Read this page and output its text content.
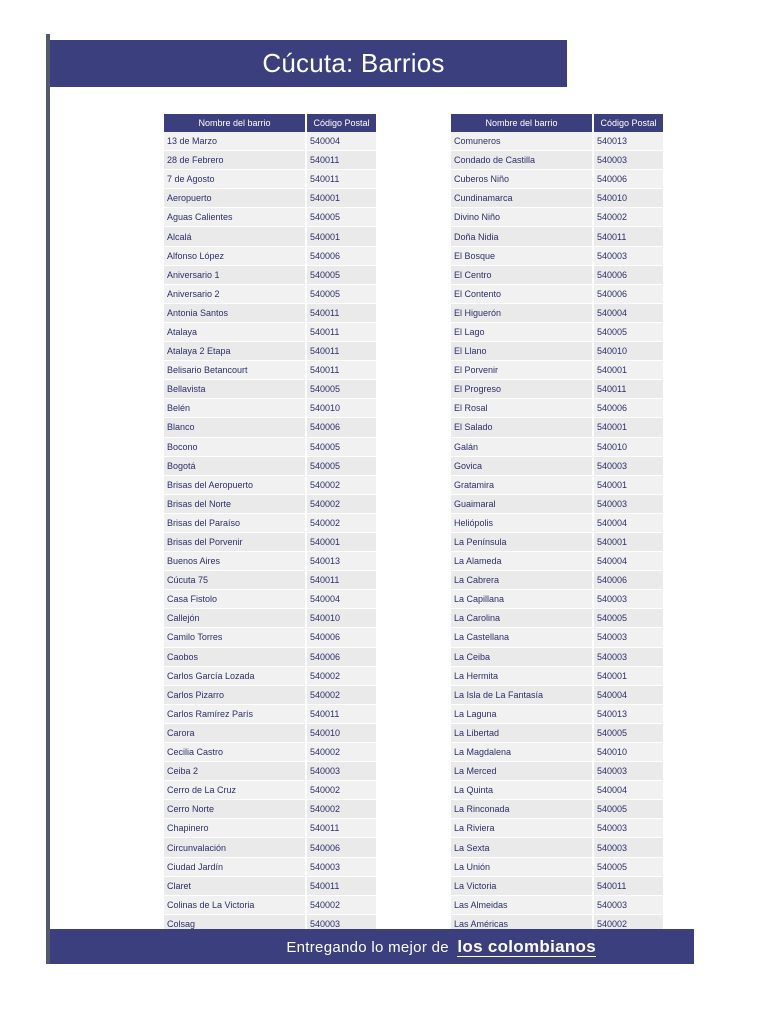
Cúcuta: Barrios
Nombre del barrio	Código Postal
13 de Marzo	540004
28 de Febrero	540011
7 de Agosto	540011
Aeropuerto	540001
Aguas Calientes	540005
Alcalá	540001
Alfonso López	540006
Aniversario 1	540005
Aniversario 2	540005
Antonia Santos	540011
Atalaya	540011
Atalaya 2 Etapa	540011
Belisario Betancourt	540011
Bellavista	540005
Belén	540010
Blanco	540006
Bocono	540005
Bogotá	540005
Brisas del Aeropuerto	540002
Brisas del Norte	540002
Brisas del Paraíso	540002
Brisas del Porvenir	540001
Buenos Aires	540013
Cúcuta 75	540011
Casa Fistolo	540004
Callejón	540010
Camilo Torres	540006
Caobos	540006
Carlos García Lozada	540002
Carlos Pizarro	540002
Carlos Ramírez París	540011
Carora	540010
Cecilia Castro	540002
Ceiba 2	540003
Cerro de La Cruz	540002
Cerro Norte	540002
Chapinero	540011
Circunvalación	540006
Ciudad Jardín	540003
Claret	540011
Colinas de La Victoria	540002
Colsag	540003
Nombre del barrio	Código Postal
Comuneros	540013
Condado de Castilla	540003
Cuberos Niño	540006
Cundinamarca	540010
Divino Niño	540002
Doña Nidia	540011
El Bosque	540003
El Centro	540006
El Contento	540006
El Higuerón	540004
El Lago	540005
El Llano	540010
El Porvenir	540001
El Progreso	540011
El Rosal	540006
El Salado	540001
Galán	540010
Govica	540003
Gratamira	540001
Guaimaral	540003
Heliópolis	540004
La Península	540001
La Alameda	540004
La Cabrera	540006
La Capillana	540003
La Carolina	540005
La Castellana	540003
La Ceiba	540003
La Hermita	540001
La Isla de La Fantasía	540004
La Laguna	540013
La Libertad	540005
La Magdalena	540010
La Merced	540003
La Quinta	540004
La Rinconada	540005
La Riviera	540003
La Sexta	540003
La Unión	540005
La Victoria	540011
Las Almeidas	540003
Las Américas	540002
Entregando lo mejor de los colombianos
